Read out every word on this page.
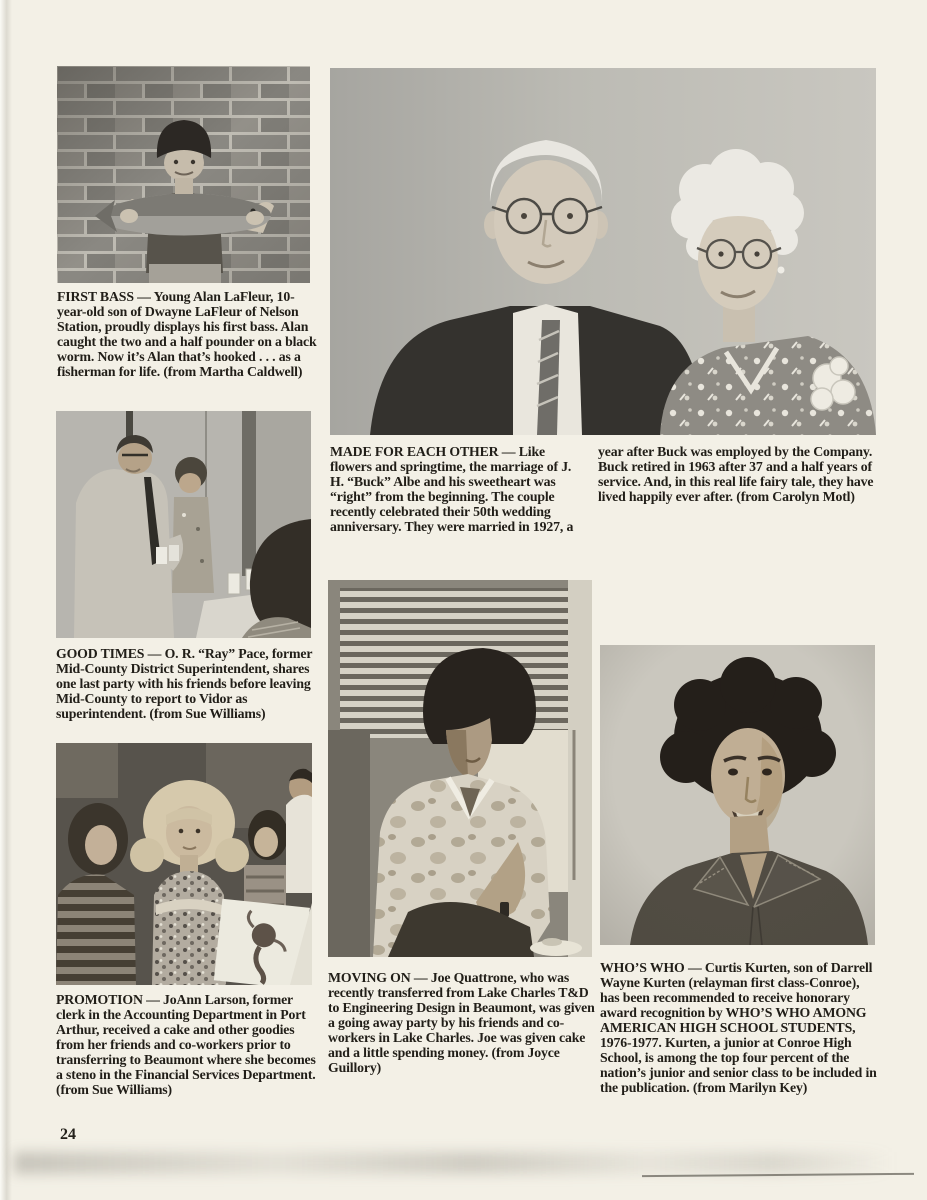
FIRST BASS — Young Alan LaFleur, 10-year-old son of Dwayne LaFleur of Nelson Station, proudly displays his first bass. Alan caught the two and a half pounder on a black worm. Now it’s Alan that’s hooked . . . as a fisherman for life. (from Martha Caldwell)

MADE FOR EACH OTHER — Like flowers and springtime, the marriage of J. H. “Buck” Albe and his sweetheart was “right” from the beginning. The couple recently celebrated their 50th wedding anniversary. They were married in 1927, a

year after Buck was employed by the Company. Buck retired in 1963 after 37 and a half years of service. And, in this real life fairy tale, they have lived happily ever after. (from Carolyn Motl)

GOOD TIMES — O. R. “Ray” Pace, former Mid-County District Superintendent, shares one last party with his friends before leaving Mid-County to report to Vidor as superintendent. (from Sue Williams)

PROMOTION — JoAnn Larson, former clerk in the Accounting Department in Port Arthur, received a cake and other goodies from her friends and co-workers prior to transferring to Beaumont where she becomes a steno in the Financial Services Department. (from Sue Williams)

MOVING ON — Joe Quattrone, who was recently transferred from Lake Charles T&D to Engineering Design in Beaumont, was given a going away party by his friends and co-workers in Lake Charles. Joe was given cake and a little spending money. (from Joyce Guillory)

WHO’S WHO — Curtis Kurten, son of Darrell Wayne Kurten (relayman first class-Conroe), has been recommended to receive honorary award recognition by WHO’S WHO AMONG AMERICAN HIGH SCHOOL STUDENTS, 1976-1977. Kurten, a junior at Conroe High School, is among the top four percent of the nation’s junior and senior class to be included in the publication. (from Marilyn Key)

24
